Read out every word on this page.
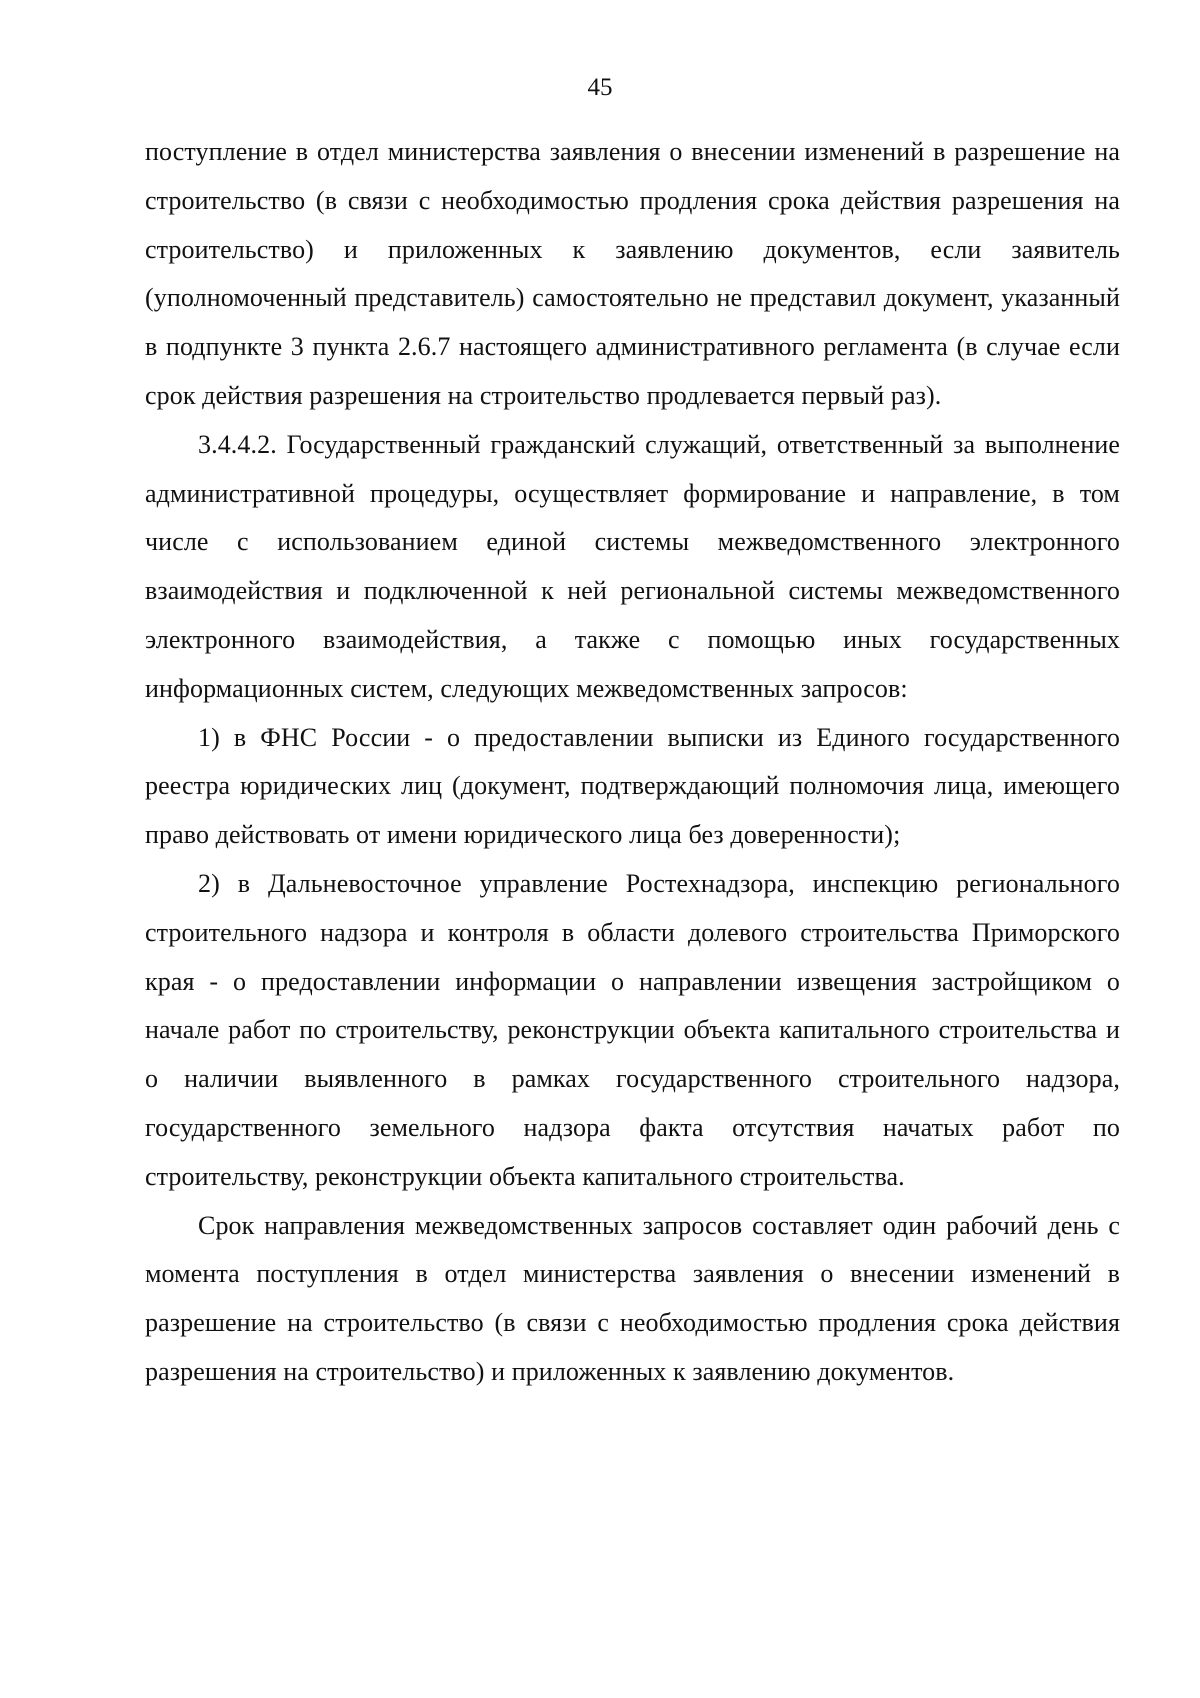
45

поступление в отдел министерства заявления о внесении изменений в разрешение на строительство (в связи с необходимостью продления срока действия разрешения на строительство) и приложенных к заявлению документов, если заявитель (уполномоченный представитель) самостоятельно не представил документ, указанный в подпункте 3 пункта 2.6.7 настоящего административного регламента (в случае если срок действия разрешения на строительство продлевается первый раз).

3.4.4.2. Государственный гражданский служащий, ответственный за выполнение административной процедуры, осуществляет формирование и направление, в том числе с использованием единой системы межведомственного электронного взаимодействия и подключенной к ней региональной системы межведомственного электронного взаимодействия, а также с помощью иных государственных информационных систем, следующих межведомственных запросов:

1) в ФНС России - о предоставлении выписки из Единого государственного реестра юридических лиц (документ, подтверждающий полномочия лица, имеющего право действовать от имени юридического лица без доверенности);

2) в Дальневосточное управление Ростехнадзора, инспекцию регионального строительного надзора и контроля в области долевого строительства Приморского края - о предоставлении информации о направлении извещения застройщиком о начале работ по строительству, реконструкции объекта капитального строительства и о наличии выявленного в рамках государственного строительного надзора, государственного земельного надзора факта отсутствия начатых работ по строительству, реконструкции объекта капитального строительства.

Срок направления межведомственных запросов составляет один рабочий день с момента поступления в отдел министерства заявления о внесении изменений в разрешение на строительство (в связи с необходимостью продления срока действия разрешения на строительство) и приложенных к заявлению документов.
